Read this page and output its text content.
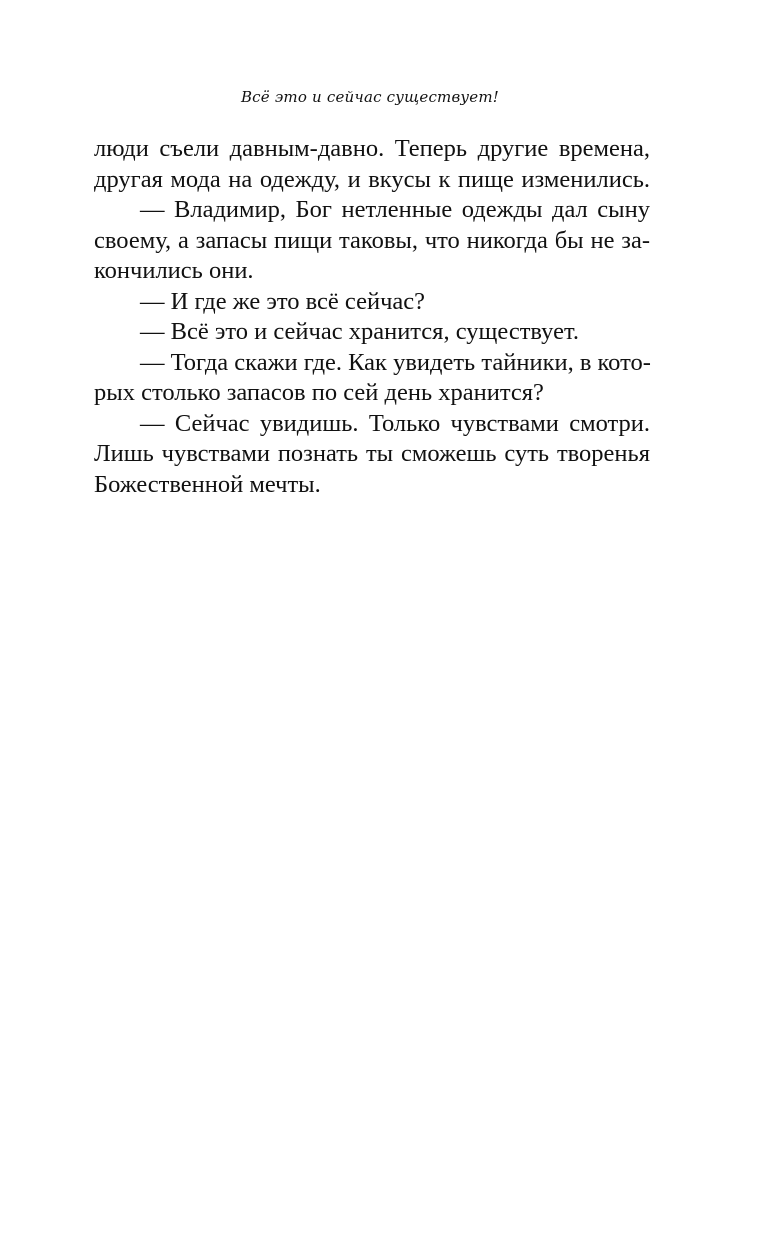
Всё это и сейчас существует!
люди съели давным-давно. Теперь другие времена,
другая мода на одежду, и вкусы к пище изменились.
— Владимир, Бог нетленные одежды дал сыну
своему, а запасы пищи таковы, что никогда бы не за-
кончились они.
— И где же это всё сейчас?
— Всё это и сейчас хранится, существует.
— Тогда скажи где. Как увидеть тайники, в кото-
рых столько запасов по сей день хранится?
— Сейчас увидишь. Только чувствами смотри.
Лишь чувствами познать ты сможешь суть творенья
Божественной мечты.
